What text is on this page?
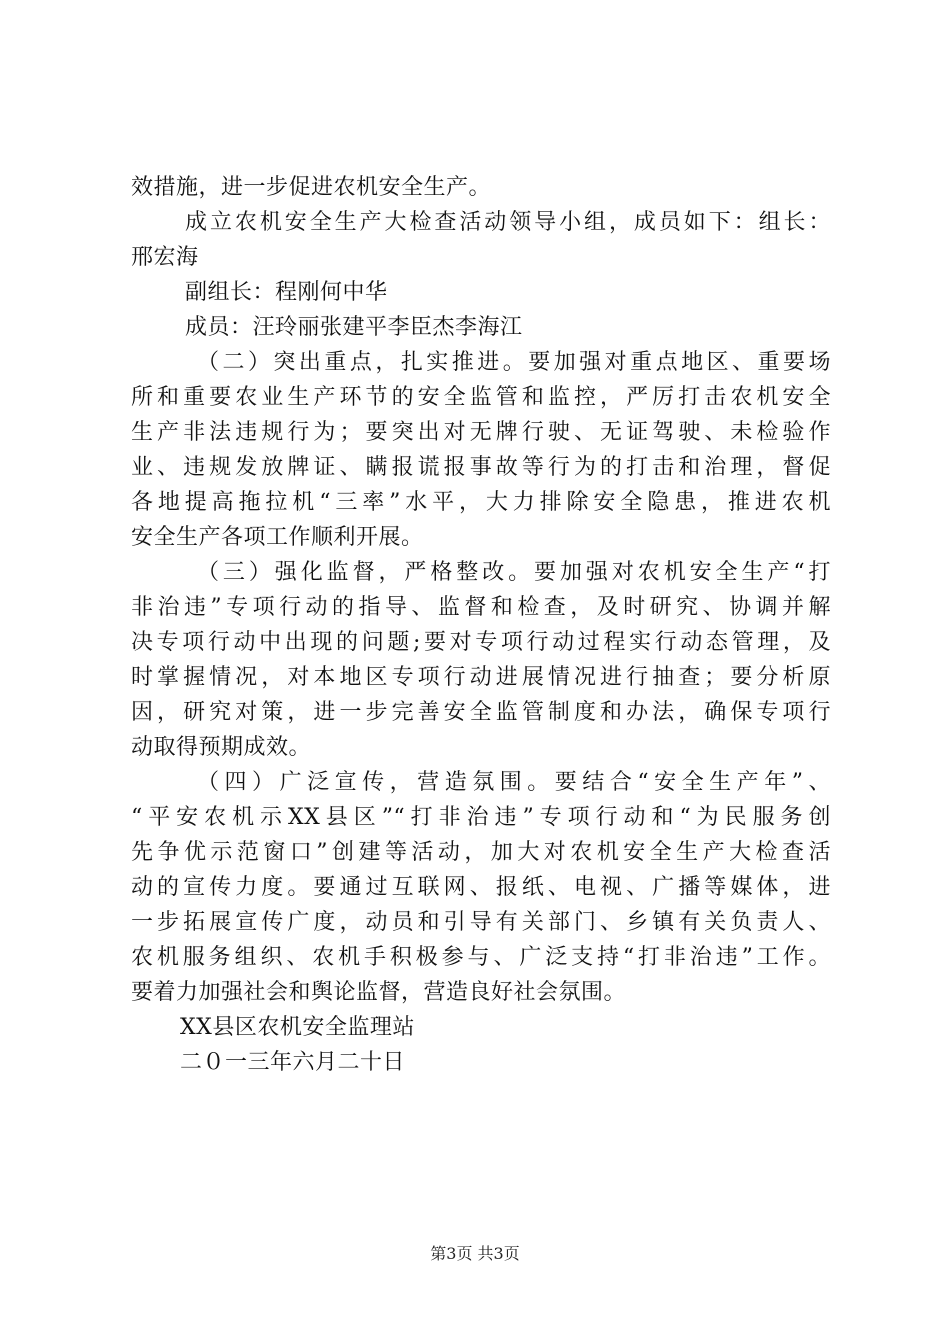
效措施，进一步促进农机安全生产。
成立农机安全生产大检查活动领导小组，成员如下：组长：
邢宏海
副组长：程刚何中华
成员：汪玲丽张建平李臣杰李海江
（二）突出重点，扎实推进。要加强对重点地区、重要场
所和重要农业生产环节的安全监管和监控，严厉打击农机安全
生产非法违规行为；要突出对无牌行驶、无证驾驶、未检验作
业、违规发放牌证、瞒报谎报事故等行为的打击和治理，督促
各地提高拖拉机“三率”水平，大力排除安全隐患，推进农机
安全生产各项工作顺利开展。
（三）强化监督，严格整改。要加强对农机安全生产“打
非治违”专项行动的指导、监督和检查，及时研究、协调并解
决专项行动中出现的问题;要对专项行动过程实行动态管理，及
时掌握情况，对本地区专项行动进展情况进行抽查；要分析原
因，研究对策，进一步完善安全监管制度和办法，确保专项行
动取得预期成效。
（四）广泛宣传，营造氛围。要结合“安全生产年”、
“平安农机示XX县区”“打非治违”专项行动和“为民服务创
先争优示范窗口”创建等活动，加大对农机安全生产大检查活
动的宣传力度。要通过互联网、报纸、电视、广播等媒体，进
一步拓展宣传广度，动员和引导有关部门、乡镇有关负责人、
农机服务组织、农机手积极参与、广泛支持“打非治违”工作。
要着力加强社会和舆论监督，营造良好社会氛围。
XX县区农机安全监理站
二０一三年六月二十日
第3页 共3页
